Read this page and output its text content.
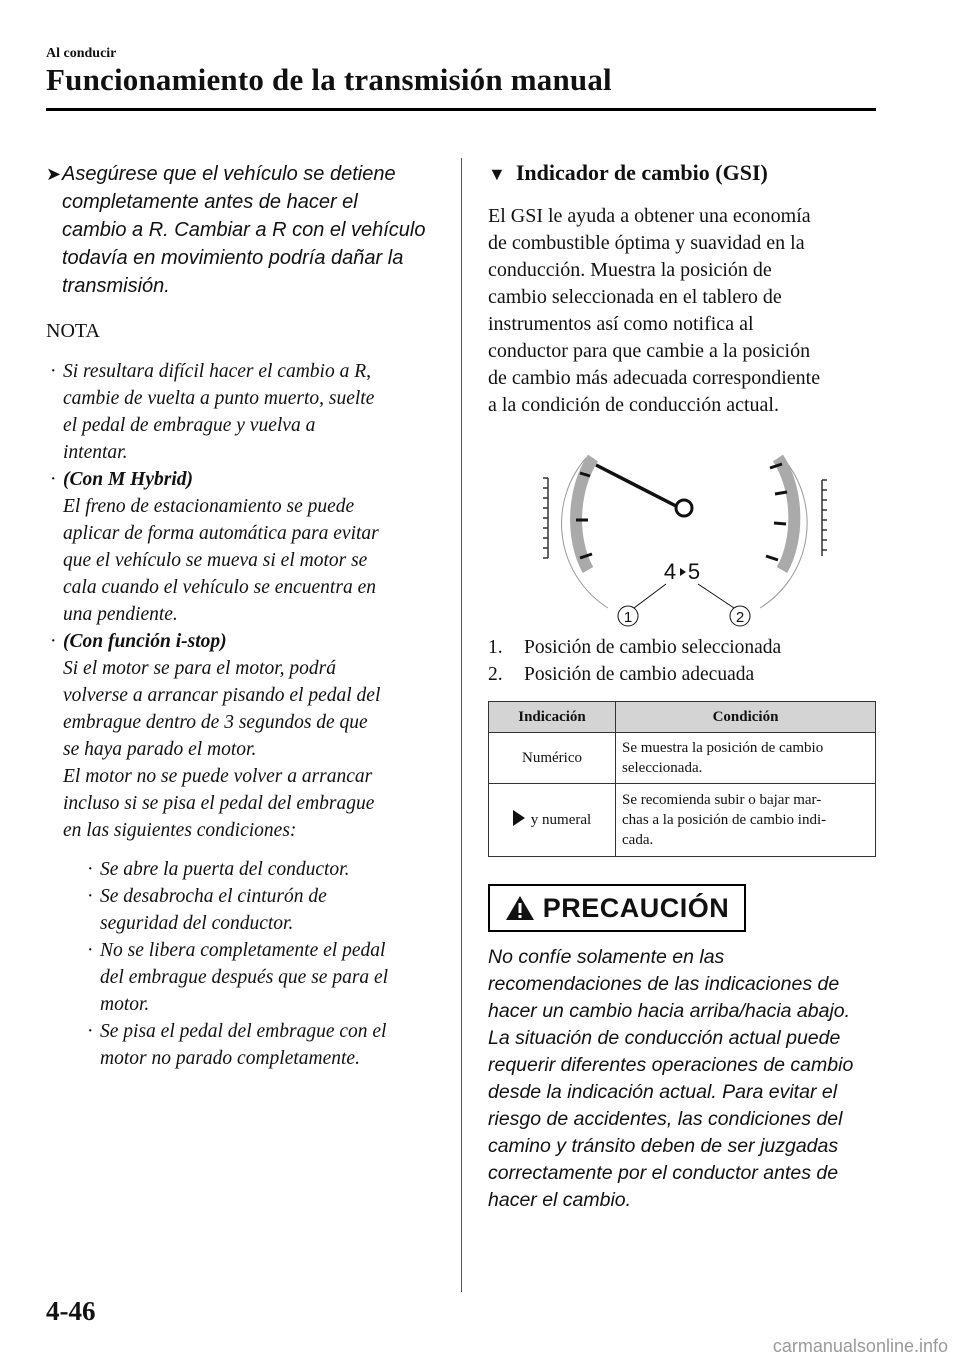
Al conducir
Funcionamiento de la transmisión manual
➤ Asegúrese que el vehículo se detiene
completamente antes de hacer el
cambio a R. Cambiar a R con el vehículo
todavía en movimiento podría dañar la
transmisión.
NOTA
· Si resultara difícil hacer el cambio a R,
cambie de vuelta a punto muerto, suelte
el pedal de embrague y vuelva a
intentar.
· (Con M Hybrid)
El freno de estacionamiento se puede
aplicar de forma automática para evitar
que el vehículo se mueva si el motor se
cala cuando el vehículo se encuentra en
una pendiente.
· (Con función i-stop)
Si el motor se para el motor, podrá
volverse a arrancar pisando el pedal del
embrague dentro de 3 segundos de que
se haya parado el motor.
El motor no se puede volver a arrancar
incluso si se pisa el pedal del embrague
en las siguientes condiciones:
· Se abre la puerta del conductor.
· Se desabrocha el cinturón de
seguridad del conductor.
· No se libera completamente el pedal
del embrague después que se para el
motor.
· Se pisa el pedal del embrague con el
motor no parado completamente.
▼ Indicador de cambio (GSI)
El GSI le ayuda a obtener una economía
de combustible óptima y suavidad en la
conducción. Muestra la posición de
cambio seleccionada en el tablero de
instrumentos así como notifica al
conductor para que cambie a la posición
de cambio más adecuada correspondiente
a la condición de conducción actual.
4 5
1	2
1. Posición de cambio seleccionada
2. Posición de cambio adecuada
Indicación	Condición
Numérico	Se muestra la posición de cambio
seleccionada.

y numeral	Se recomienda subir o bajar mar-
chas a la posición de cambio indi-
cada.
PRECAUCIÓN
No confíe solamente en las
recomendaciones de las indicaciones de
hacer un cambio hacia arriba/hacia abajo.
La situación de conducción actual puede
requerir diferentes operaciones de cambio
desde la indicación actual. Para evitar el
riesgo de accidentes, las condiciones del
camino y tránsito deben de ser juzgadas
correctamente por el conductor antes de
hacer el cambio.
4-46
carmanualsonline.info
